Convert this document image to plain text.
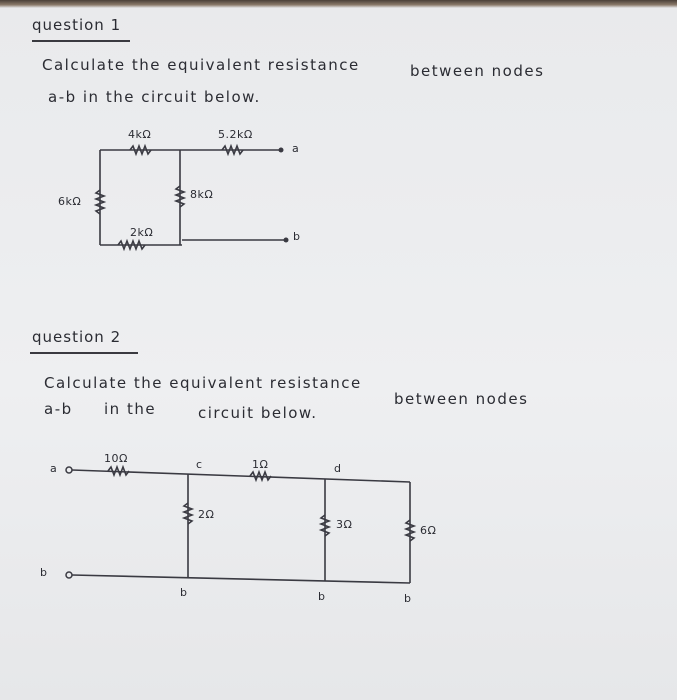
question 1
Calculate the equivalent resistance	between nodes
a-b in the circuit below.
4kΩ	5.2kΩ
a
6kΩ
8kΩ
2kΩ	b
question 2
Calculate the equivalent resistance
between nodes
a-b in the	circuit below.
10Ω
a	c	1Ω	d
2Ω
3Ω	6Ω
b
b	b	b
